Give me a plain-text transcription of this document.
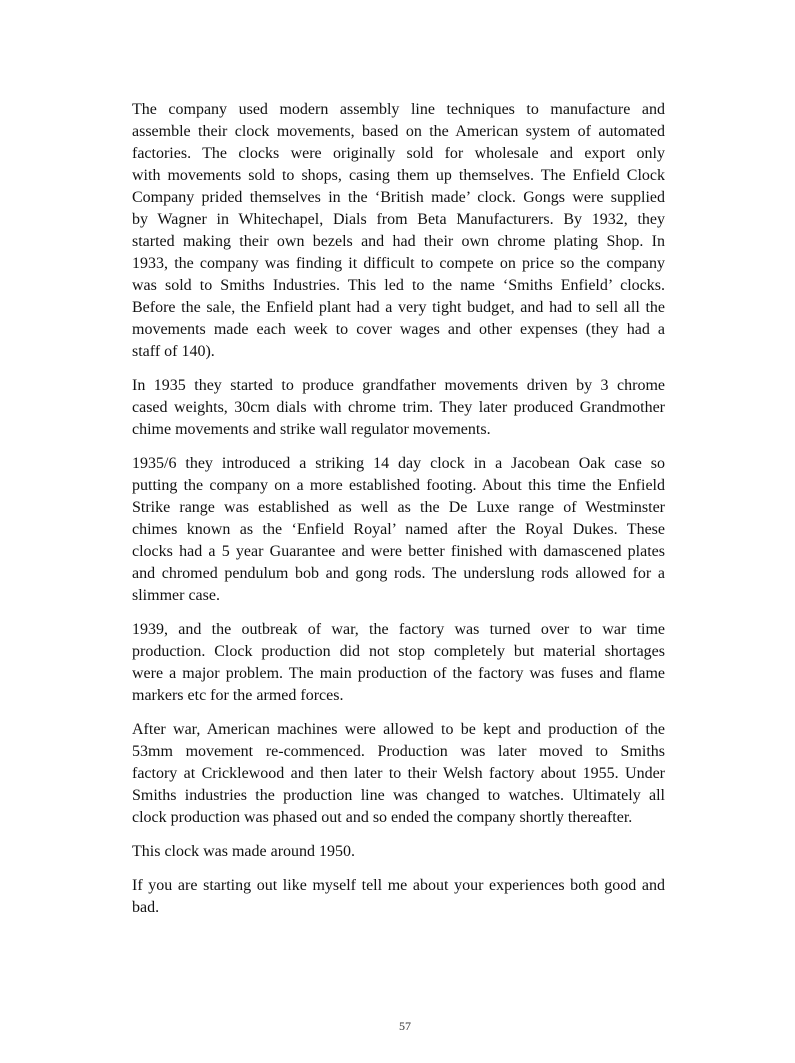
The company used modern assembly line techniques to manufacture and
assemble their clock movements, based on the American system of automated
factories. The clocks were originally sold for wholesale and export only
with movements sold to shops, casing them up themselves. The Enfield Clock
Company prided themselves in the ‘British made’ clock. Gongs were supplied
by Wagner in Whitechapel, Dials from Beta Manufacturers. By 1932, they
started making their own bezels and had their own chrome plating Shop. In
1933, the company was finding it difficult to compete on price so the company
was sold to Smiths Industries. This led to the name ‘Smiths Enfield’ clocks.
Before the sale, the Enfield plant had a very tight budget, and had to sell all the
movements made each week to cover wages and other expenses (they had a
staff of 140).
In 1935 they started to produce grandfather movements driven by 3 chrome
cased weights, 30cm dials with chrome trim. They later produced Grandmother
chime movements and strike wall regulator movements.
1935/6 they introduced a striking 14 day clock in a Jacobean Oak case so
putting the company on a more established footing. About this time the Enfield
Strike range was established as well as the De Luxe range of Westminster
chimes known as the ‘Enfield Royal’ named after the Royal Dukes. These
clocks had a 5 year Guarantee and were better finished with damascened plates
and chromed pendulum bob and gong rods. The underslung rods allowed for a
slimmer case.
1939, and the outbreak of war, the factory was turned over to war time
production. Clock production did not stop completely but material shortages
were a major problem. The main production of the factory was fuses and flame
markers etc for the armed forces.
After war, American machines were allowed to be kept and production of the
53mm movement re-commenced. Production was later moved to Smiths
factory at Cricklewood and then later to their Welsh factory about 1955. Under
Smiths industries the production line was changed to watches. Ultimately all
clock production was phased out and so ended the company shortly thereafter.
This clock was made around 1950.
If you are starting out like myself tell me about your experiences both good and
bad.
57
